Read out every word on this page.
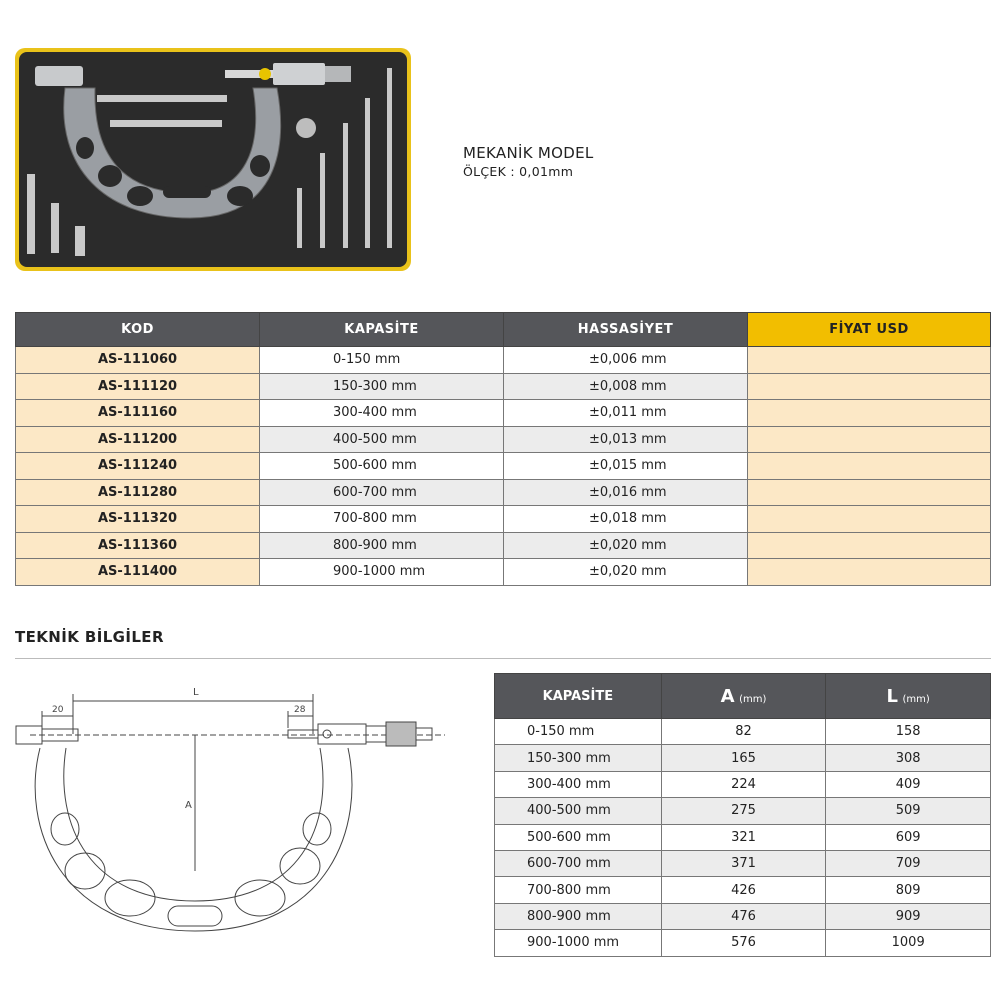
MEKANİK MODEL
ÖLÇEK : 0,01mm
KOD	KAPASİTE	HASSASİYET	FİYAT USD
AS-111060	0-150 mm	±0,006 mm	
AS-111120	150-300 mm	±0,008 mm	
AS-111160	300-400 mm	±0,011 mm	
AS-111200	400-500 mm	±0,013 mm	
AS-111240	500-600 mm	±0,015 mm	
AS-111280	600-700 mm	±0,016 mm	
AS-111320	700-800 mm	±0,018 mm	
AS-111360	800-900 mm	±0,020 mm	
AS-111400	900-1000 mm	±0,020 mm	
TEKNİK BİLGİLER
L
20	28
A
KAPASİTE	A (mm)	L (mm)
0-150 mm	82	158
150-300 mm	165	308
300-400 mm	224	409
400-500 mm	275	509
500-600 mm	321	609
600-700 mm	371	709
700-800 mm	426	809
800-900 mm	476	909
900-1000 mm	576	1009
